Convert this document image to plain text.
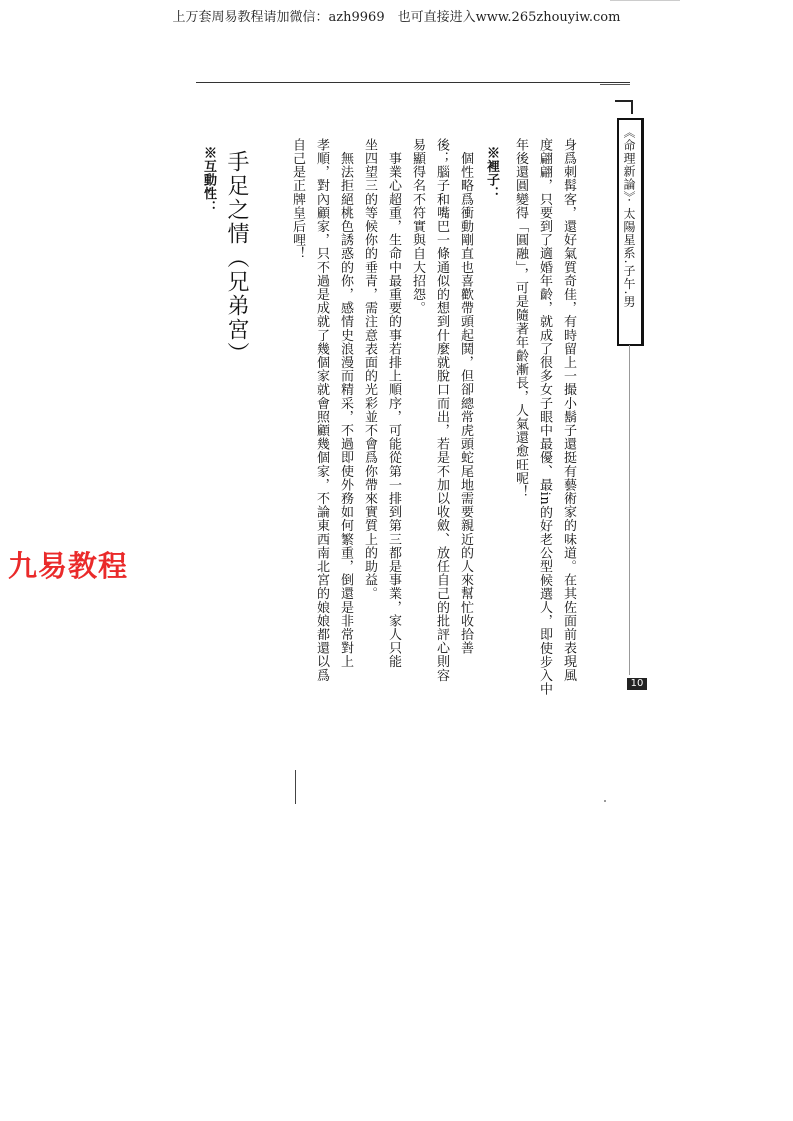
上万套周易教程请加微信：azh9969　也可直接进入www.265zhouyiw.com
《命理新論》· 太陽星系.子午.男
10
身爲刺髯客，還好氣質奇佳，有時留上一撮小鬍子還挺有藝術家的味道。在其佐面前表現風
度翩翩，只要到了適婚年齡，就成了很多女子眼中最優、最in的好老公型候選人，即使步入中
年後還圓變得「圓融」，可是隨著年齡漸長，人氣還愈旺呢！
※裡子：
　個性略爲衝動剛直也喜歡帶頭起鬨，但卻總常虎頭蛇尾地需要親近的人來幫忙收拾善
後；腦子和嘴巴一條通似的想到什麼就脫口而出，若是不加以收斂、放任自己的批評心則容
易顯得名不符實與自大招怨。
　事業心超重，生命中最重要的事若排上順序，可能從第一排到第三都是事業，家人只能
坐四望三的等候你的垂青，需注意表面的光彩並不會爲你帶來實質上的助益。
　無法拒絕桃色誘惑的你，感情史浪漫而精采，不過即使外務如何繁重，倒還是非常對上
孝順，對內顧家，只不過是成就了幾個家就會照顧幾個家，不論東西南北宮的娘娘都還以爲
自己是正牌皇后哩！
手足之情（兄弟宮）
※互動性：
九易教程
